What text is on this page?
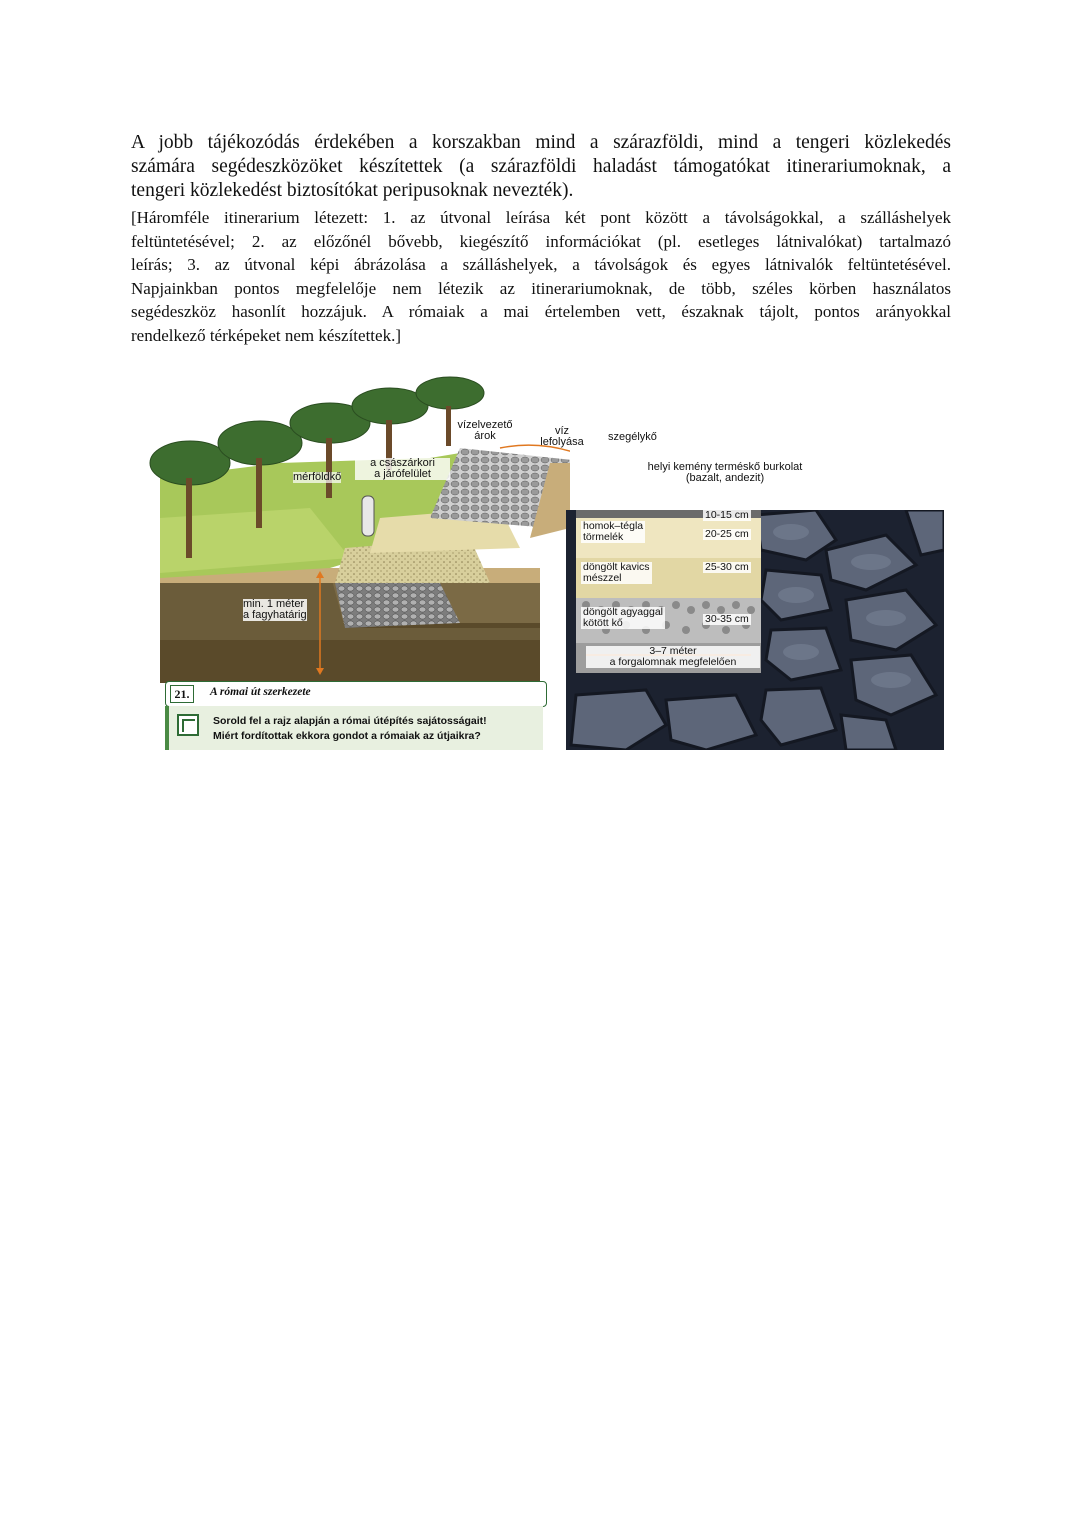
A jobb tájékozódás érdekében a korszakban mind a szárazföldi, mind a tengeri közlekedés
számára segédeszközöket készítettek (a szárazföldi haladást támogatókat itinerariumoknak, a
tengeri közlekedést biztosítókat peripusoknak nevezték).

[Háromféle itinerarium létezett: 1. az útvonal leírása két pont között a távolságokkal, a szálláshelyek

feltüntetésével; 2. az előzőnél bővebb, kiegészítő információkat (pl. esetleges látnivalókat) tartalmazó

leírás; 3. az útvonal képi ábrázolása a szálláshelyek, a távolságok és egyes látnivalók feltüntetésével.

Napjainkban pontos megfelelője nem létezik az itinerariumoknak, de több, széles körben használatos

segédeszköz hasonlít hozzájuk. A rómaiak a mai értelemben vett, északnak tájolt, pontos arányokkal

rendelkező térképeket nem készítettek.]

vízelvezető
árok	víz
lefolyása	szegélykő
a császárkori
a járófelület
mérföldkő
helyi kemény terméskő burkolat
(bazalt, andezit)
min. 1 méter
a fagyhatárig
10-15 cm
homok–tégla
törmelék	20-25 cm
döngölt kavics
mészzel
25-30 cm
döngölt agyaggal
kötött kő	30-35 cm
3–7 méter
a forgalomnak megfelelően
21.	A római út szerkezete
Sorold fel a rajz alapján a római útépítés sajátosságait!
Miért fordítottak ekkora gondot a rómaiak az útjaikra?
